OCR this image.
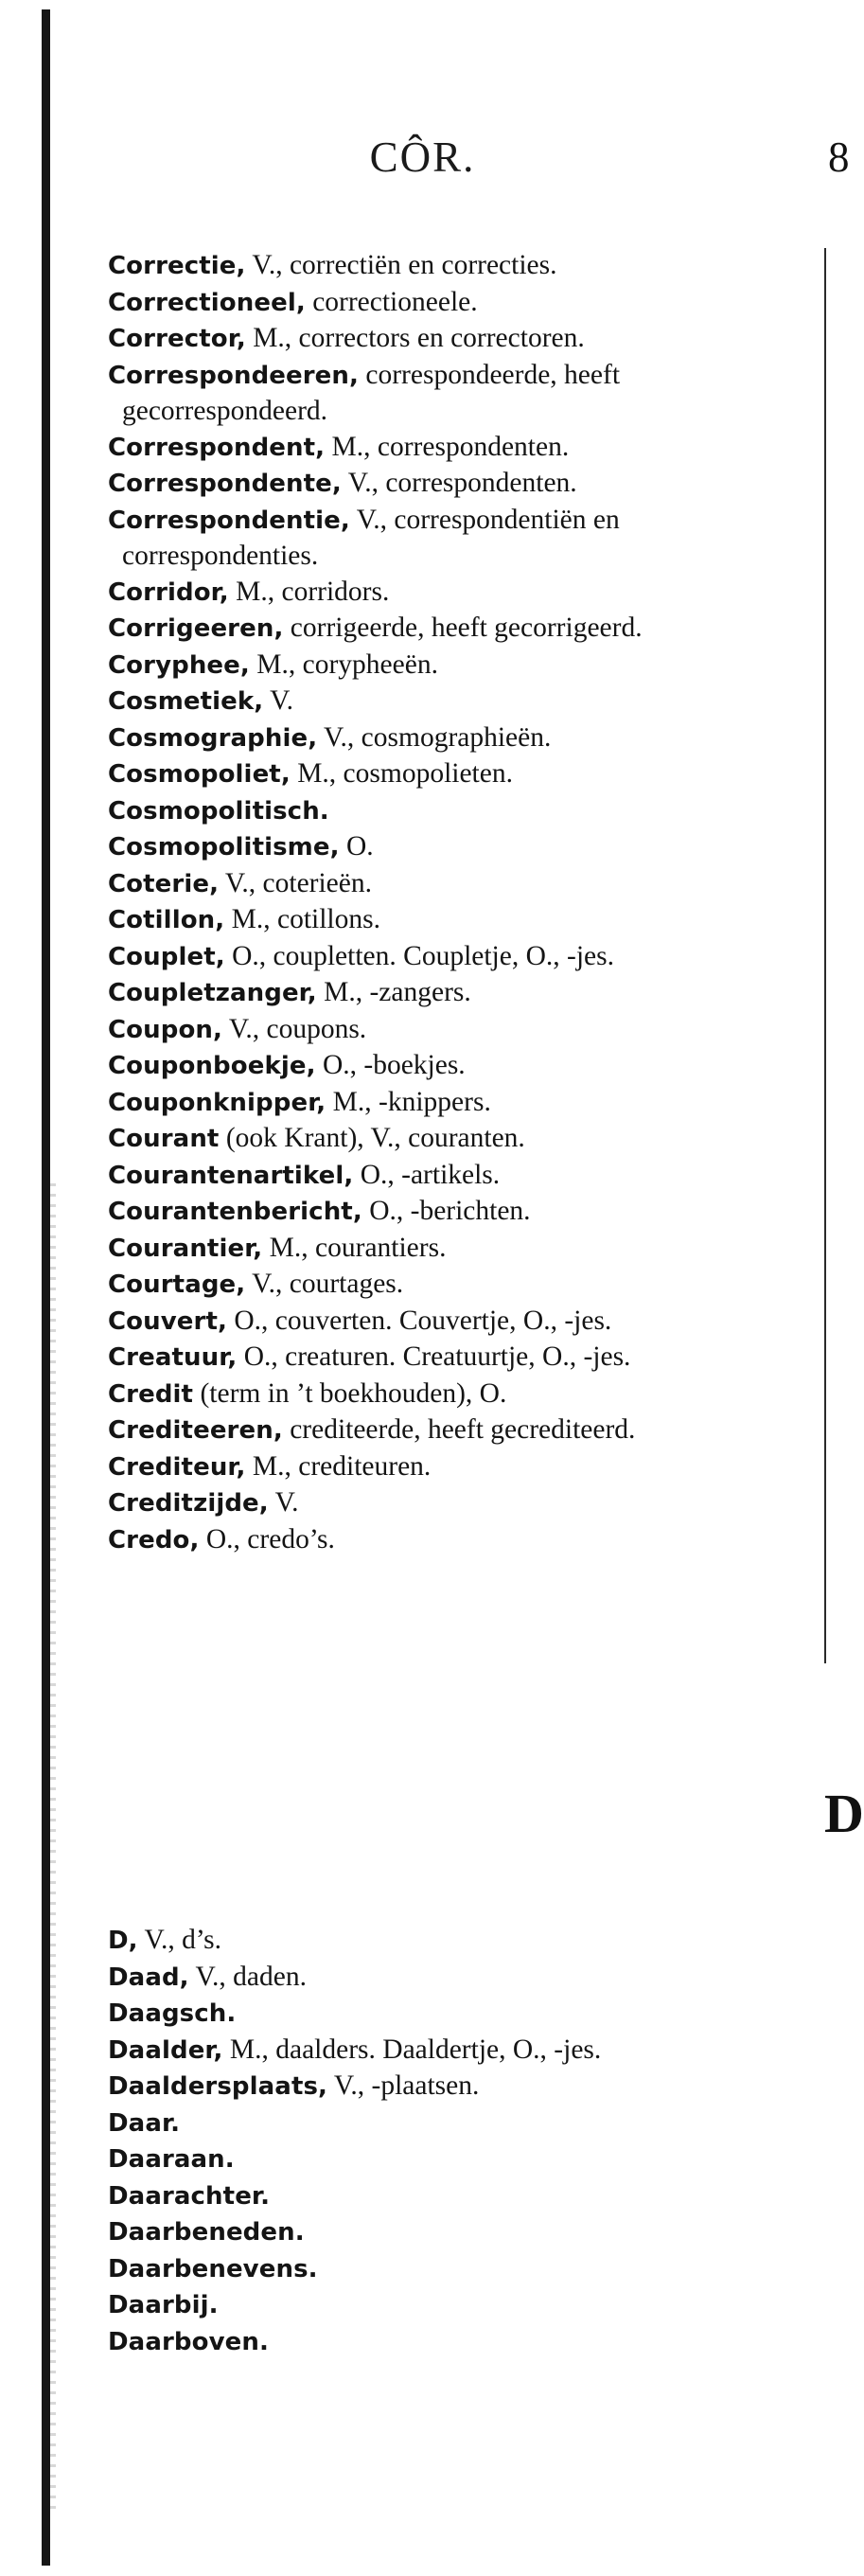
CÔR.	8

Correctie, V., correctiën en correcties.

Correctioneel, correctioneele.

Corrector, M., correctors en correctoren.

Correspondeeren, correspondeerde, heeft gecorrespondeerd.

Correspondent, M., correspondenten.

Correspondente, V., correspondenten.

Correspondentie, V., correspondentiën en correspondenties.

Corridor, M., corridors.

Corrigeeren, corrigeerde, heeft gecorrigeerd.

Coryphee, M., corypheeën.

Cosmetiek, V.

Cosmographie, V., cosmographieën.

Cosmopoliet, M., cosmopolieten.

Cosmopolitisch.

Cosmopolitisme, O.

Coterie, V., coterieën.

Cotillon, M., cotillons.

Couplet, O., coupletten. Coupletje, O., -jes.

Coupletzanger, M., -zangers.

Coupon, V., coupons.

Couponboekje, O., -boekjes.

Couponknipper, M., -knippers.

Courant (ook Krant), V., couranten.

Courantenartikel, O., -artikels.

Courantenbericht, O., -berichten.

Courantier, M., courantiers.

Courtage, V., courtages.

Couvert, O., couverten. Couvertje, O., -jes.

Creatuur, O., creaturen. Creatuurtje, O., -jes.

Credit (term in ’t boekhouden), O.

Crediteeren, crediteerde, heeft gecrediteerd.

Crediteur, M., crediteuren.

Creditzijde, V.

Credo, O., credo’s.

D

D, V., d’s.

Daad, V., daden.

Daagsch.

Daalder, M., daalders. Daaldertje, O., -jes.

Daaldersplaats, V., -plaatsen.

Daar.

Daaraan.

Daarachter.

Daarbeneden.

Daarbenevens.

Daarbij.

Daarboven.
